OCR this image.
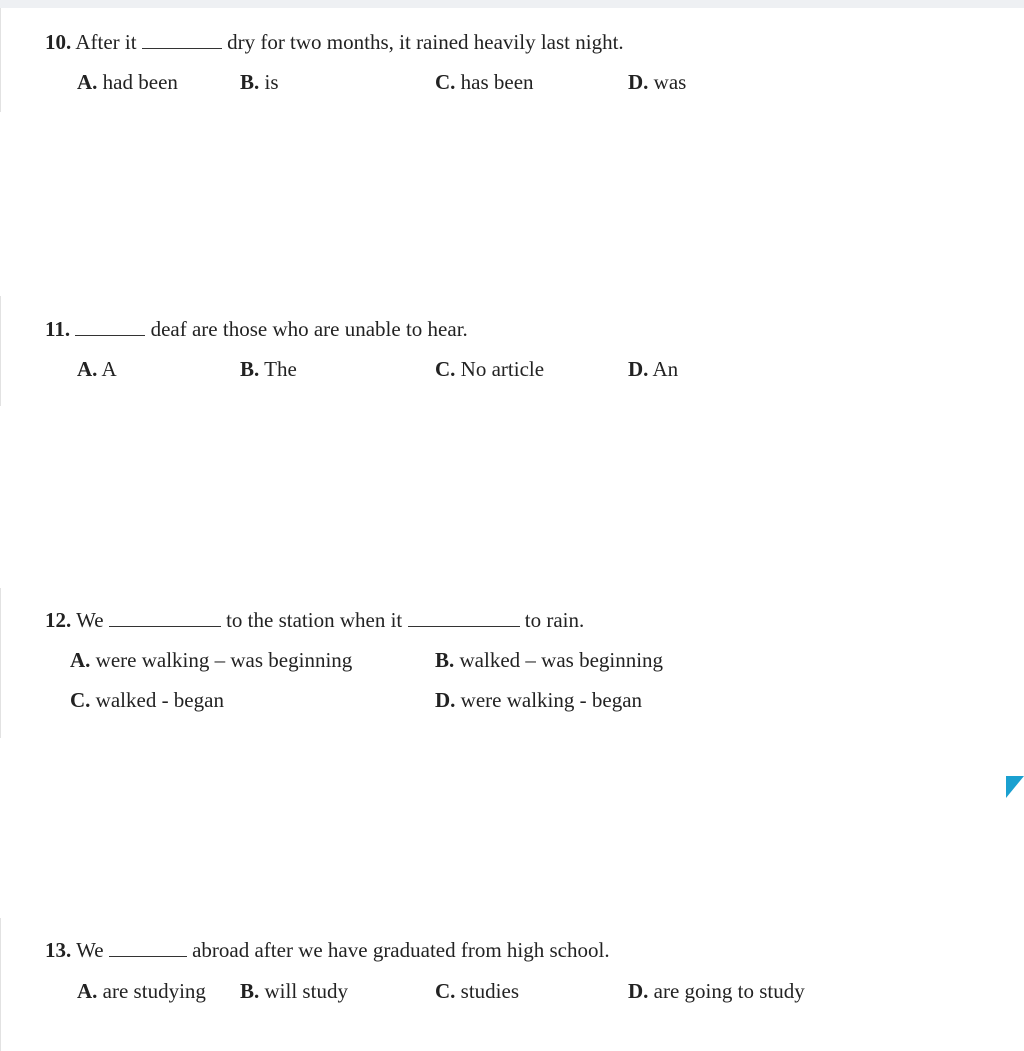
10. After it	dry for two months, it rained heavily last night.
A. had been	B. is	C. has been	D. was
11.	deaf are those who are unable to hear.
A. A	B. The	C. No article	D. An
12. We	to the station when it	to rain.
A. were walking – was beginning	B. walked – was beginning
C. walked - began	D. were walking - began
13. We	abroad after we have graduated from high school.
A. are studying B. will study	C. studies	D. are going to study
